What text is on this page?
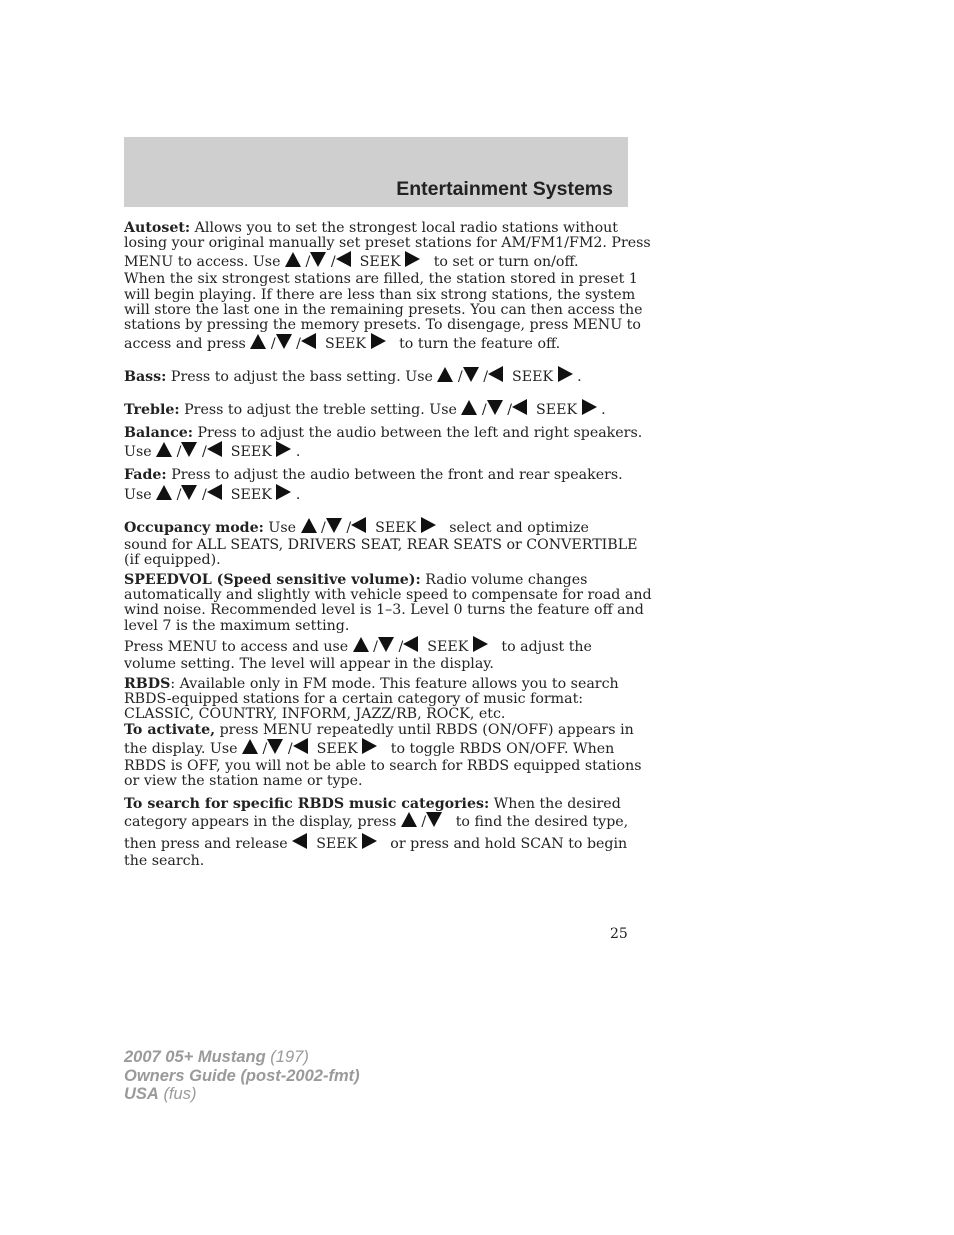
Entertainment Systems
Autoset: Allows you to set the strongest local radio stations without
losing your original manually set preset stations for AM/FM1/FM2. Press
MENU to access. Use / / SEEK to set or turn on/off.
When the six strongest stations are filled, the station stored in preset 1
will begin playing. If there are less than six strong stations, the system
will store the last one in the remaining presets. You can then access the
stations by pressing the memory presets. To disengage, press MENU to
access and press / / SEEK to turn the feature off.
Bass: Press to adjust the bass setting. Use / / SEEK .
Treble: Press to adjust the treble setting. Use / / SEEK .
Balance: Press to adjust the audio between the left and right speakers.
Use / / SEEK .
Fade: Press to adjust the audio between the front and rear speakers.
Use / / SEEK .
Occupancy mode: Use / / SEEK select and optimize
sound for ALL SEATS, DRIVERS SEAT, REAR SEATS or CONVERTIBLE
(if equipped).
SPEEDVOL (Speed sensitive volume): Radio volume changes
automatically and slightly with vehicle speed to compensate for road and
wind noise. Recommended level is 1–3. Level 0 turns the feature off and
level 7 is the maximum setting.
Press MENU to access and use / / SEEK to adjust the
volume setting. The level will appear in the display.
RBDS: Available only in FM mode. This feature allows you to search
RBDS-equipped stations for a certain category of music format:
CLASSIC, COUNTRY, INFORM, JAZZ/RB, ROCK, etc.
To activate, press MENU repeatedly until RBDS (ON/OFF) appears in
the display. Use / / SEEK to toggle RBDS ON/OFF. When
RBDS is OFF, you will not be able to search for RBDS equipped stations
or view the station name or type.
To search for specific RBDS music categories: When the desired
category appears in the display, press / to find the desired type,
then press and release SEEK or press and hold SCAN to begin
the search.
25
2007 05+ Mustang (197)
Owners Guide (post-2002-fmt)
USA (fus)
